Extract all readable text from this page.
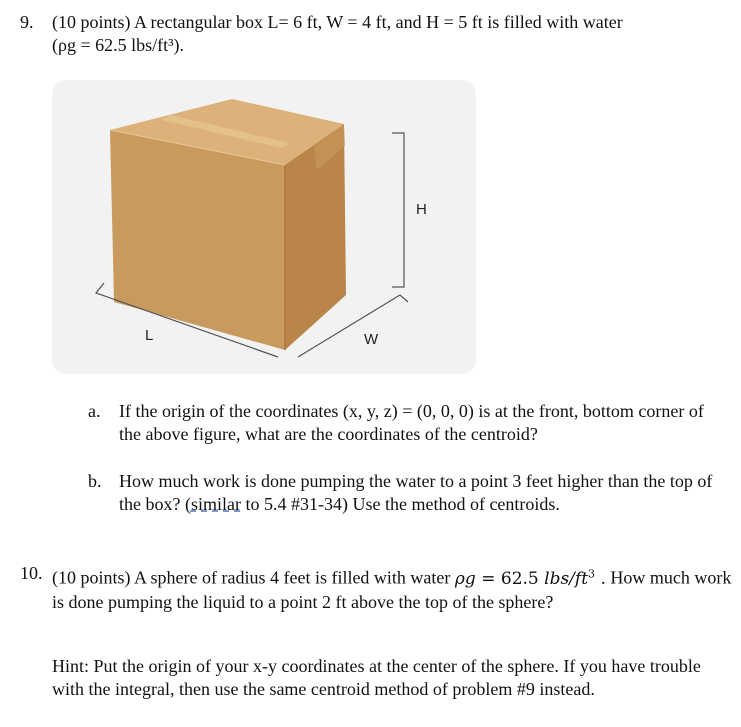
9. (10 points) A rectangular box L= 6 ft, W = 4 ft, and H = 5 ft is filled with water
(ρg = 62.5 lbs/ft³).
H
L	W
a. If the origin of the coordinates (x, y, z) = (0, 0, 0) is at the front, bottom corner of the above figure, what are the coordinates of the centroid?
b. How much work is done pumping the water to a point 3 feet higher than the top of the box? (similar to 5.4 #31-34) Use the method of centroids.
10. (10 points) A sphere of radius 4 feet is filled with water ρg = 62.5 lbs/$ft^3$ . How much work is done pumping the liquid to a point 2 ft above the top of the sphere?
Hint: Put the origin of your x-y coordinates at the center of the sphere. If you have trouble with the integral, then use the same centroid method of problem #9 instead.
